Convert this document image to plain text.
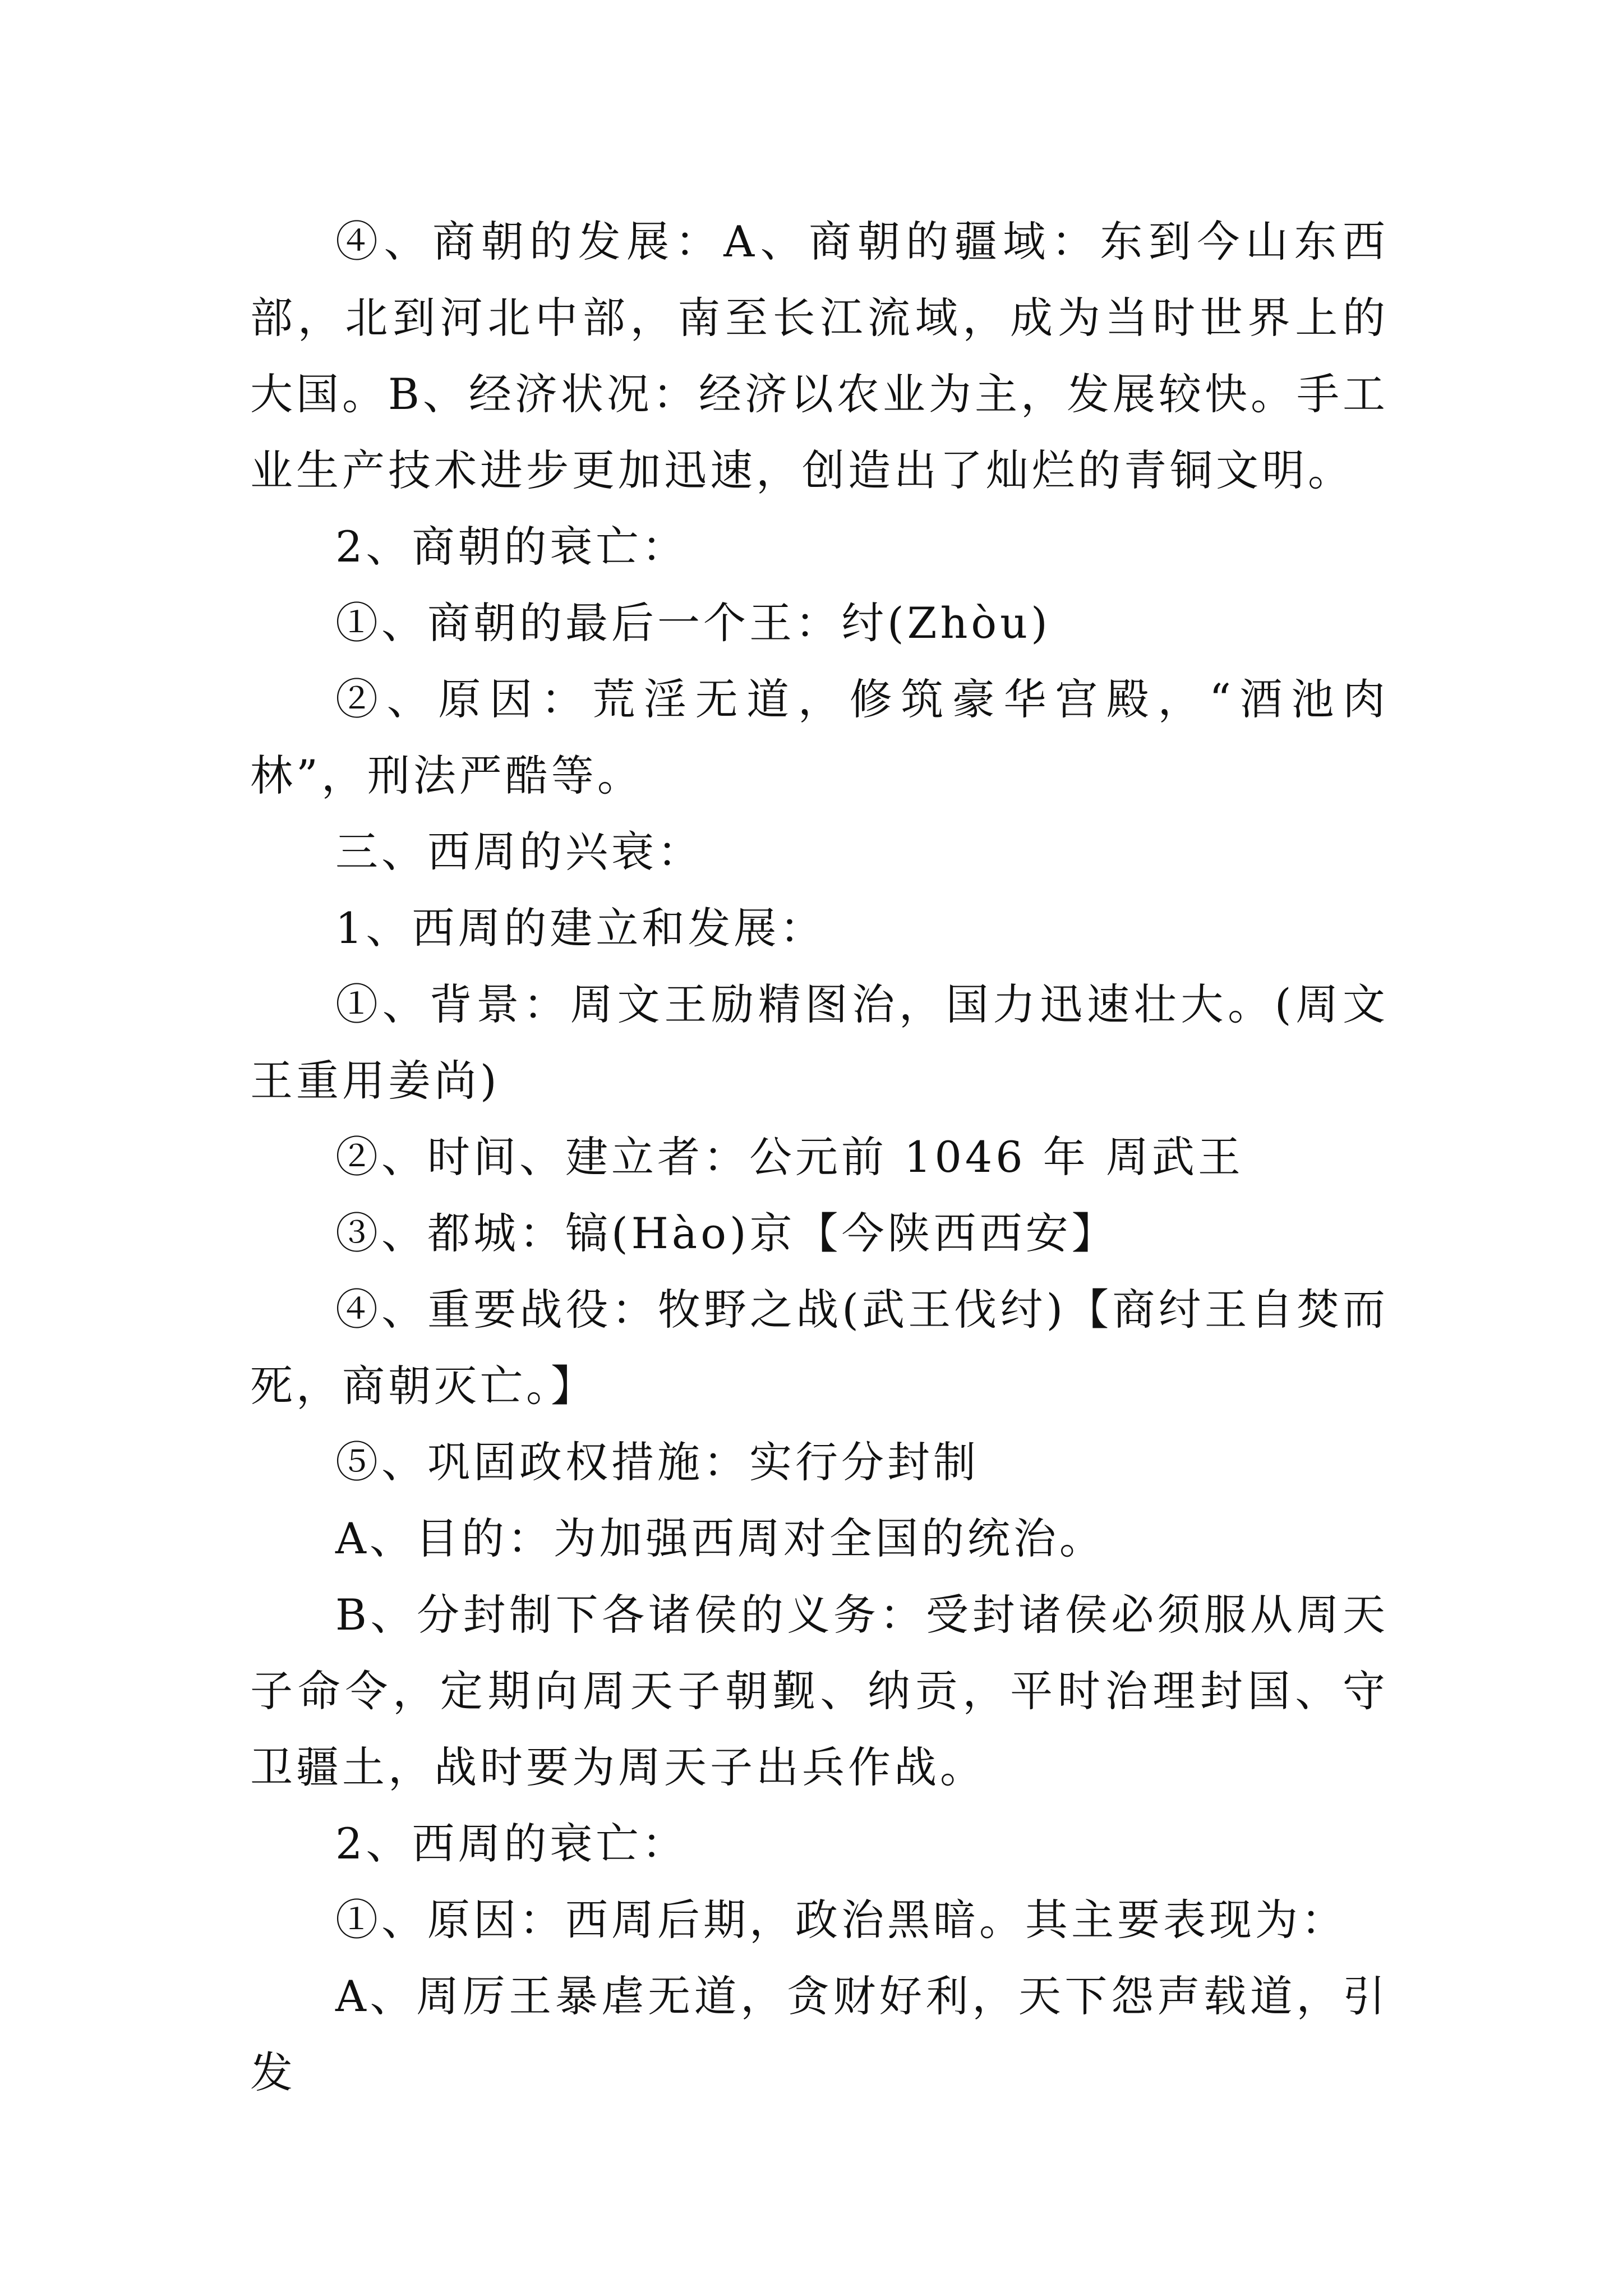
④、商朝的发展：A、商朝的疆域：东到今山东西部，北到河北中部，南至长江流域，成为当时世界上的大国。B、经济状况：经济以农业为主，发展较快。手工业生产技术进步更加迅速，创造出了灿烂的青铜文明。

2、商朝的衰亡：

①、商朝的最后一个王：纣(Zhòu)

②、原因：荒淫无道，修筑豪华宫殿，“酒池肉林”，刑法严酷等。

三、西周的兴衰：

1、西周的建立和发展：

①、背景：周文王励精图治，国力迅速壮大。(周文王重用姜尚)

②、时间、建立者：公元前 1046 年 周武王

③、都城：镐(Hào)京【今陕西西安】

④、重要战役：牧野之战(武王伐纣)【商纣王自焚而死，商朝灭亡。】

⑤、巩固政权措施：实行分封制

A、目的：为加强西周对全国的统治。

B、分封制下各诸侯的义务：受封诸侯必须服从周天子命令，定期向周天子朝觐、纳贡，平时治理封国、守卫疆土，战时要为周天子出兵作战。

2、西周的衰亡：

①、原因：西周后期，政治黑暗。其主要表现为：

A、周厉王暴虐无道，贪财好利，天下怨声载道，引发
